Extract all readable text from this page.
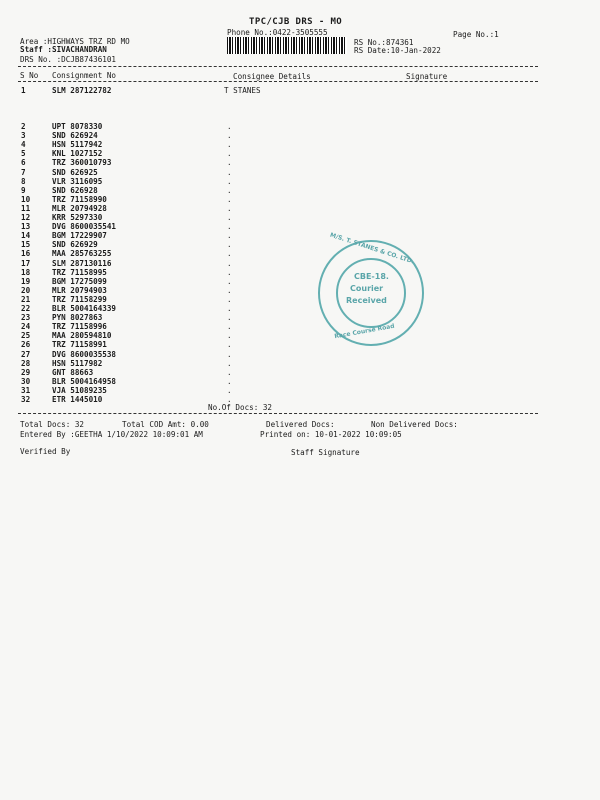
TPC/CJB DRS - MO
Phone No.:0422-3505555	Page No.:1
Area :HIGHWAYS TRZ RD MO
Staff :SIVACHANDRAN
DRS No. :DCJB87436101
RS No.:874361
RS Date:10-Jan-2022
S No Consignment No	Consignee Details	Signature
1	SLM 287122782	T STANES
2	UPT 8078330	.
3	SND 626924	.
4	HSN 5117942	.
5	KNL 1027152	.
6	TRZ 360010793	.
7	SND 626925	.
8	VLR 3116095	.
9	SND 626928	.
10	TRZ 71158990	.
11	MLR 20794928	.
12	KRR 5297330	.
13	DVG 8600035541	.
14	BGM 17229907	.
15	SND 626929	.
16	MAA 285763255	.
17	SLM 287130116	.
18	TRZ 71158995	.
19	BGM 17275099	.
20	MLR 20794903	.
21	TRZ 71158299	.
22	BLR 5004164339	.
23	PYN 8027863	.
24	TRZ 71158996	.
25	MAA 280594810	.
26	TRZ 71158991	.
27	DVG 8600035538	.
28	HSN 5117982	.
29	GNT 88663	.
30	BLR 5004164958	.
31	VJA 51089235	.
32	ETR 1445010	.
M/S. T. STANES & CO. LTD.
CBE-18.
Courier
Received
Race Course Road
No.Of Docs: 32
Total Docs: 32	Total COD Amt: 0.00	Delivered Docs:	Non Delivered Docs:
Entered By :GEETHA 1/10/2022 10:09:01 AM	Printed on: 10-01-2022 10:09:05
Verified By	Staff Signature
